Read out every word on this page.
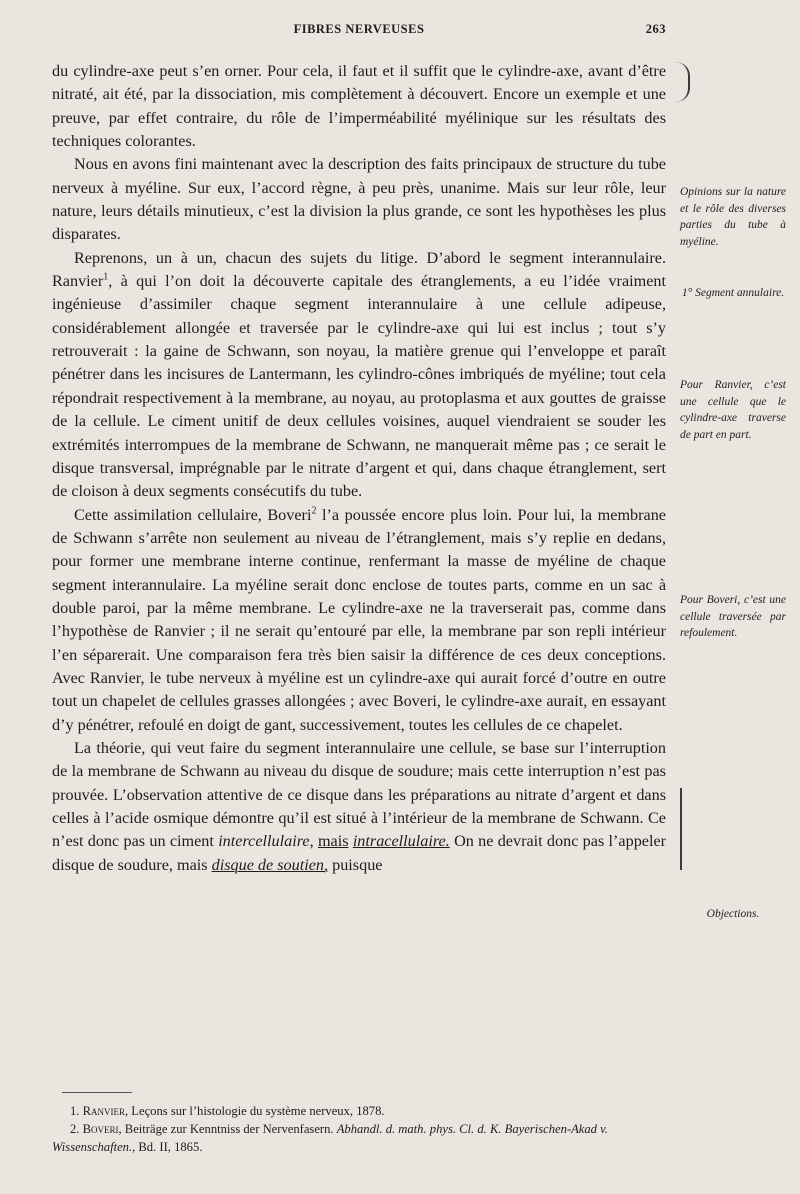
FIBRES NERVEUSES	263

du cylindre-axe peut s’en orner. Pour cela, il faut et il suffit que le cylindre-axe, avant d’être nitraté, ait été, par la dissociation, mis complètement à découvert. Encore un exemple et une preuve, par effet contraire, du rôle de l’imperméabilité myélinique sur les résultats des techniques colorantes.

Nous en avons fini maintenant avec la description des faits principaux de structure du tube nerveux à myéline. Sur eux, l’accord règne, à peu près, unanime. Mais sur leur rôle, leur nature, leurs détails minutieux, c’est la division la plus grande, ce sont les hypothèses les plus disparates.

Reprenons, un à un, chacun des sujets du litige. D’abord le segment interannulaire. Ranvier$^1$, à qui l’on doit la découverte capitale des étranglements, a eu l’idée vraiment ingénieuse d’assimiler chaque segment interannulaire à une cellule adipeuse, considérablement allongée et traversée par le cylindre-axe qui lui est inclus ; tout s’y retrouverait : la gaine de Schwann, son noyau, la matière grenue qui l’enveloppe et paraît pénétrer dans les incisures de Lantermann, les cylindro-cônes imbriqués de myéline; tout cela répondrait respectivement à la membrane, au noyau, au protoplasma et aux gouttes de graisse de la cellule. Le ciment unitif de deux cellules voisines, auquel viendraient se souder les extrémités interrompues de la membrane de Schwann, ne manquerait même pas ; ce serait le disque transversal, imprégnable par le nitrate d’argent et qui, dans chaque étranglement, sert de cloison à deux segments consécutifs du tube.

Cette assimilation cellulaire, Boveri$^2$ l’a poussée encore plus loin. Pour lui, la membrane de Schwann s’arrête non seulement au niveau de l’étranglement, mais s’y replie en dedans, pour former une membrane interne continue, renfermant la masse de myéline de chaque segment interannulaire. La myéline serait donc enclose de toutes parts, comme en un sac à double paroi, par la même membrane. Le cylindre-axe ne la traverserait pas, comme dans l’hypothèse de Ranvier ; il ne serait qu’entouré par elle, la membrane par son repli intérieur l’en séparerait. Une comparaison fera très bien saisir la différence de ces deux conceptions. Avec Ranvier, le tube nerveux à myéline est un cylindre-axe qui aurait forcé d’outre en outre tout un chapelet de cellules grasses allongées ; avec Boveri, le cylindre-axe aurait, en essayant d’y pénétrer, refoulé en doigt de gant, successivement, toutes les cellules de ce chapelet.

La théorie, qui veut faire du segment interannulaire une cellule, se base sur l’interruption de la membrane de Schwann au niveau du disque de soudure; mais cette interruption n’est pas prouvée. L’observation attentive de ce disque dans les préparations au nitrate d’argent et dans celles à l’acide osmique démontre qu’il est situé à l’intérieur de la membrane de Schwann. Ce n’est donc pas un ciment intercellulaire, mais intracellulaire. On ne devrait donc pas l’appeler disque de soudure, mais disque de soutien, puisque

Opinions sur la nature et le rôle des diverses parties du tube à myéline.
1° Segment annulaire.
Pour Ranvier, c’est une cellule que le cylindre-axe traverse de part en part.
Pour Boveri, c’est une cellule traversée par refoulement.
Objections.
1. Ranvier, Leçons sur l’histologie du système nerveux, 1878.
2. Boveri, Beiträge zur Kenntniss der Nervenfasern. Abhandl. d. math. phys. Cl. d. K. Bayerischen-Akad v. Wissenschaften., Bd. II, 1865.
